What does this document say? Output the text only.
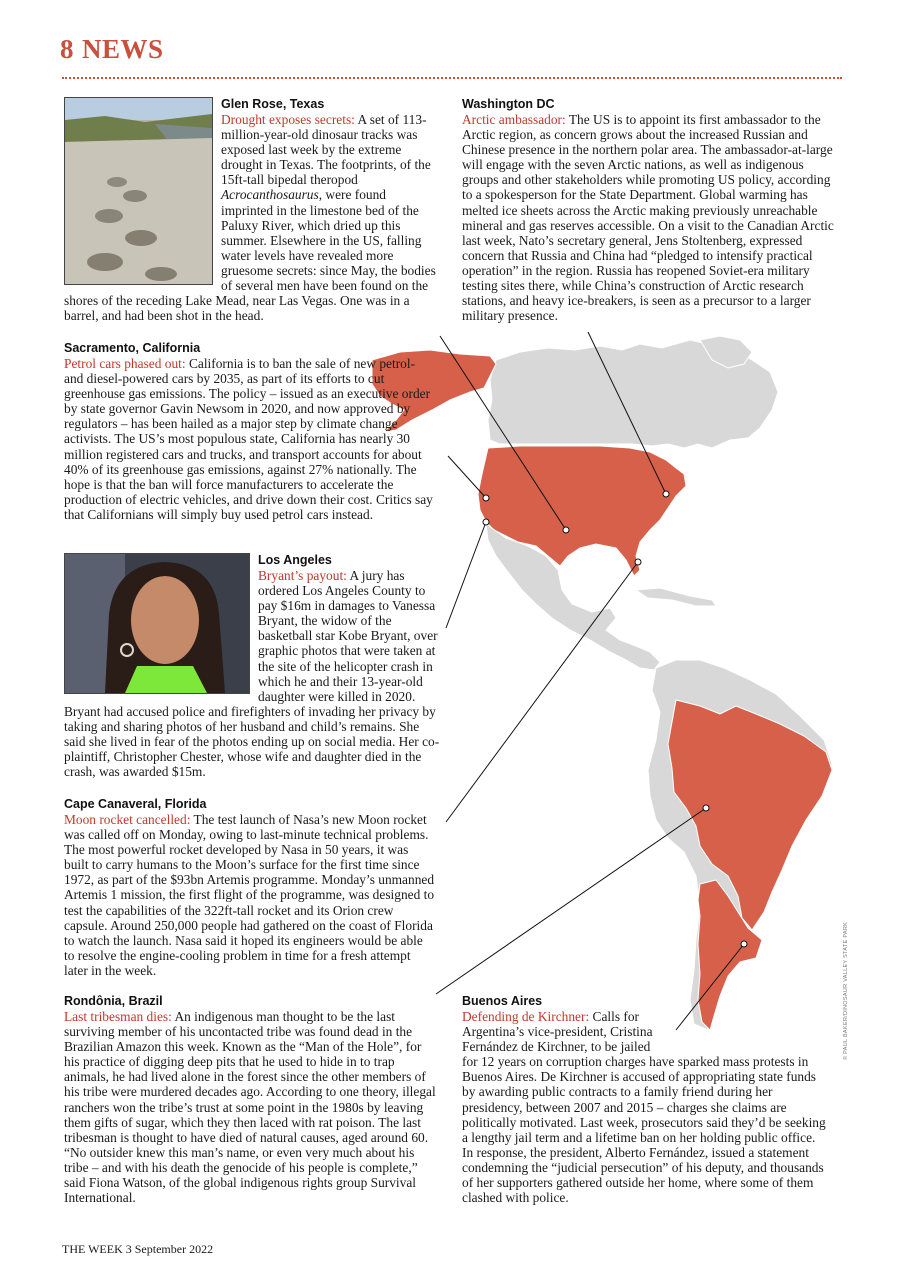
8 NEWS
Glen Rose, Texas
Drought exposes secrets: A set of 113-million-year-old dinosaur tracks was exposed last week by the extreme drought in Texas. The footprints, of the 15ft-tall bipedal theropod Acrocanthosaurus, were found imprinted in the limestone bed of the Paluxy River, which dried up this summer. Elsewhere in the US, falling water levels have revealed more gruesome secrets: since May, the bodies of several men have been found on the shores of the receding Lake Mead, near Las Vegas. One was in a barrel, and had been shot in the head.
Washington DC
Arctic ambassador: The US is to appoint its first ambassador to the Arctic region, as concern grows about the increased Russian and Chinese presence in the northern polar area. The ambassador-at-large will engage with the seven Arctic nations, as well as indigenous groups and other stakeholders while promoting US policy, according to a spokesperson for the State Department. Global warming has melted ice sheets across the Arctic making previously unreachable mineral and gas reserves accessible. On a visit to the Canadian Arctic last week, Nato’s secretary general, Jens Stoltenberg, expressed concern that Russia and China had “pledged to intensify practical operation” in the region. Russia has reopened Soviet-era military testing sites there, while China’s construction of Arctic research stations, and heavy ice-breakers, is seen as a precursor to a larger military presence.
Sacramento, California
Petrol cars phased out: California is to ban the sale of new petrol- and diesel-powered cars by 2035, as part of its efforts to cut greenhouse gas emissions. The policy – issued as an executive order by state governor Gavin Newsom in 2020, and now approved by regulators – has been hailed as a major step by climate change activists. The US’s most populous state, California has nearly 30 million registered cars and trucks, and transport accounts for about 40% of its greenhouse gas emissions, against 27% nationally. The hope is that the ban will force manufacturers to accelerate the production of electric vehicles, and drive down their cost. Critics say that Californians will simply buy used petrol cars instead.
Los Angeles
Bryant’s payout: A jury has ordered Los Angeles County to pay $16m in damages to Vanessa Bryant, the widow of the basketball star Kobe Bryant, over graphic photos that were taken at the site of the helicopter crash in which he and their 13-year-old daughter were killed in 2020. Bryant had accused police and firefighters of invading her privacy by taking and sharing photos of her husband and child’s remains. She said she lived in fear of the photos ending up on social media. Her co-plaintiff, Christopher Chester, whose wife and daughter died in the crash, was awarded $15m.
Cape Canaveral, Florida
Moon rocket cancelled: The test launch of Nasa’s new Moon rocket was called off on Monday, owing to last-minute technical problems. The most powerful rocket developed by Nasa in 50 years, it was built to carry humans to the Moon’s surface for the first time since 1972, as part of the $93bn Artemis programme. Monday’s unmanned Artemis 1 mission, the first flight of the programme, was designed to test the capabilities of the 322ft-tall rocket and its Orion crew capsule. Around 250,000 people had gathered on the coast of Florida to watch the launch. Nasa said it hoped its engineers would be able to resolve the engine-cooling problem in time for a fresh attempt later in the week.
Rondônia, Brazil
Last tribesman dies: An indigenous man thought to be the last surviving member of his uncontacted tribe was found dead in the Brazilian Amazon this week. Known as the “Man of the Hole”, for his practice of digging deep pits that he used to hide in to trap animals, he had lived alone in the forest since the other members of his tribe were murdered decades ago. According to one theory, illegal ranchers won the tribe’s trust at some point in the 1980s by leaving them gifts of sugar, which they then laced with rat poison. The last tribesman is thought to have died of natural causes, aged around 60. “No outsider knew this man’s name, or even very much about his tribe – and with his death the genocide of his people is complete,” said Fiona Watson, of the global indigenous rights group Survival International.
Buenos Aires
Defending de Kirchner: Calls for Argentina’s vice-president, Cristina Fernández de Kirchner, to be jailed for 12 years on corruption charges have sparked mass protests in Buenos Aires. De Kirchner is accused of appropriating state funds by awarding public contracts to a family friend during her presidency, between 2007 and 2015 – charges she claims are politically motivated. Last week, prosecutors said they’d be seeking a lengthy jail term and a lifetime ban on her holding public office. In response, the president, Alberto Fernández, issued a statement condemning the “judicial persecution” of his deputy, and thousands of her supporters gathered outside her home, where some of them clashed with police.
© PAUL BAKER/DINOSAUR VALLEY STATE PARK
THE WEEK 3 September 2022
